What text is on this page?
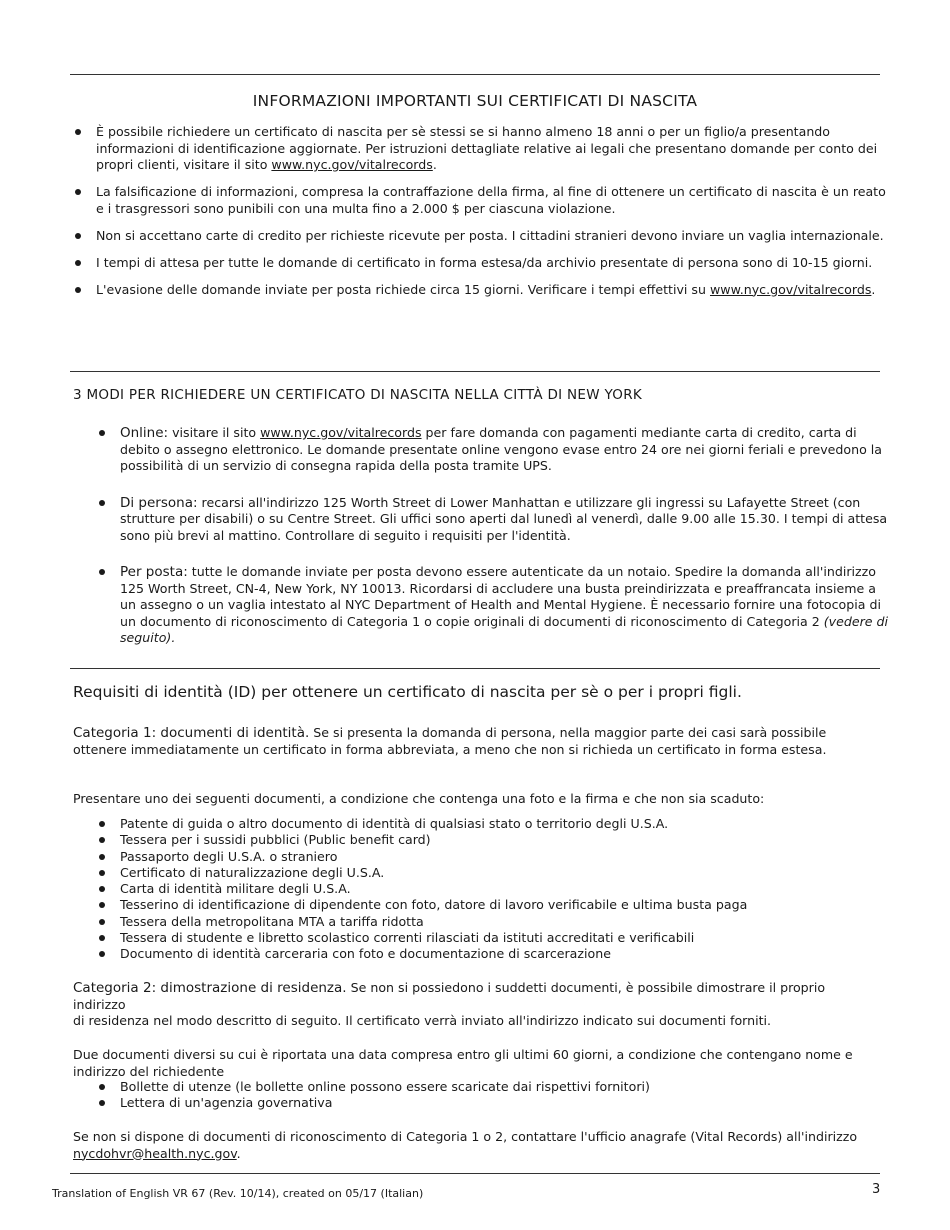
INFORMAZIONI IMPORTANTI SUI CERTIFICATI DI NASCITA
È possibile richiedere un certificato di nascita per sè stessi se si hanno almeno 18 anni o per un figlio/a presentando informazioni di identificazione aggiornate. Per istruzioni dettagliate relative ai legali che presentano domande per conto dei propri clienti, visitare il sito www.nyc.gov/vitalrecords.
La falsificazione di informazioni, compresa la contraffazione della firma, al fine di ottenere un certificato di nascita è un reato e i trasgressori sono punibili con una multa fino a 2.000 $ per ciascuna violazione.
Non si accettano carte di credito per richieste ricevute per posta. I cittadini stranieri devono inviare un vaglia internazionale.
I tempi di attesa per tutte le domande di certificato in forma estesa/da archivio presentate di persona sono di 10-15 giorni.
L'evasione delle domande inviate per posta richiede circa 15 giorni. Verificare i tempi effettivi su www.nyc.gov/vitalrecords.
3 MODI PER RICHIEDERE UN CERTIFICATO DI NASCITA NELLA CITTÀ DI NEW YORK
Online: visitare il sito www.nyc.gov/vitalrecords per fare domanda con pagamenti mediante carta di credito, carta di debito o assegno elettronico. Le domande presentate online vengono evase entro 24 ore nei giorni feriali e prevedono la possibilità di un servizio di consegna rapida della posta tramite UPS.
Di persona: recarsi all'indirizzo 125 Worth Street di Lower Manhattan e utilizzare gli ingressi su Lafayette Street (con strutture per disabili) o su Centre Street. Gli uffici sono aperti dal lunedì al venerdì, dalle 9.00 alle 15.30. I tempi di attesa sono più brevi al mattino. Controllare di seguito i requisiti per l'identità.
Per posta: tutte le domande inviate per posta devono essere autenticate da un notaio. Spedire la domanda all'indirizzo 125 Worth Street, CN-4, New York, NY 10013. Ricordarsi di accludere una busta preindirizzata e preaffrancata insieme a un assegno o un vaglia intestato al NYC Department of Health and Mental Hygiene. È necessario fornire una fotocopia di un documento di riconoscimento di Categoria 1 o copie originali di documenti di riconoscimento di Categoria 2 (vedere di seguito).
Requisiti di identità (ID) per ottenere un certificato di nascita per sè o per i propri figli.

Categoria 1: documenti di identità. Se si presenta la domanda di persona, nella maggior parte dei casi sarà possibile ottenere immediatamente un certificato in forma abbreviata, a meno che non si richieda un certificato in forma estesa.

Presentare uno dei seguenti documenti, a condizione che contenga una foto e la firma e che non sia scaduto:

Patente di guida o altro documento di identità di qualsiasi stato o territorio degli U.S.A.
Tessera per i sussidi pubblici (Public benefit card)
Passaporto degli U.S.A. o straniero
Certificato di naturalizzazione degli U.S.A.
Carta di identità militare degli U.S.A.
Tesserino di identificazione di dipendente con foto, datore di lavoro verificabile e ultima busta paga
Tessera della metropolitana MTA a tariffa ridotta
Tessera di studente e libretto scolastico correnti rilasciati da istituti accreditati e verificabili
Documento di identità carceraria con foto e documentazione di scarcerazione

Categoria 2: dimostrazione di residenza. Se non si possiedono i suddetti documenti, è possibile dimostrare il proprio indirizzo
di residenza nel modo descritto di seguito. Il certificato verrà inviato all'indirizzo indicato sui documenti forniti.

Due documenti diversi su cui è riportata una data compresa entro gli ultimi 60 giorni, a condizione che contengano nome e indirizzo del richiedente

Bollette di utenze (le bollette online possono essere scaricate dai rispettivi fornitori)
Lettera di un'agenzia governativa

Se non si dispone di documenti di riconoscimento di Categoria 1 o 2, contattare l'ufficio anagrafe (Vital Records) all'indirizzo nycdohvr@health.nyc.gov.

Translation of English VR 67 (Rev. 10/14), created on 05/17 (Italian)	3
